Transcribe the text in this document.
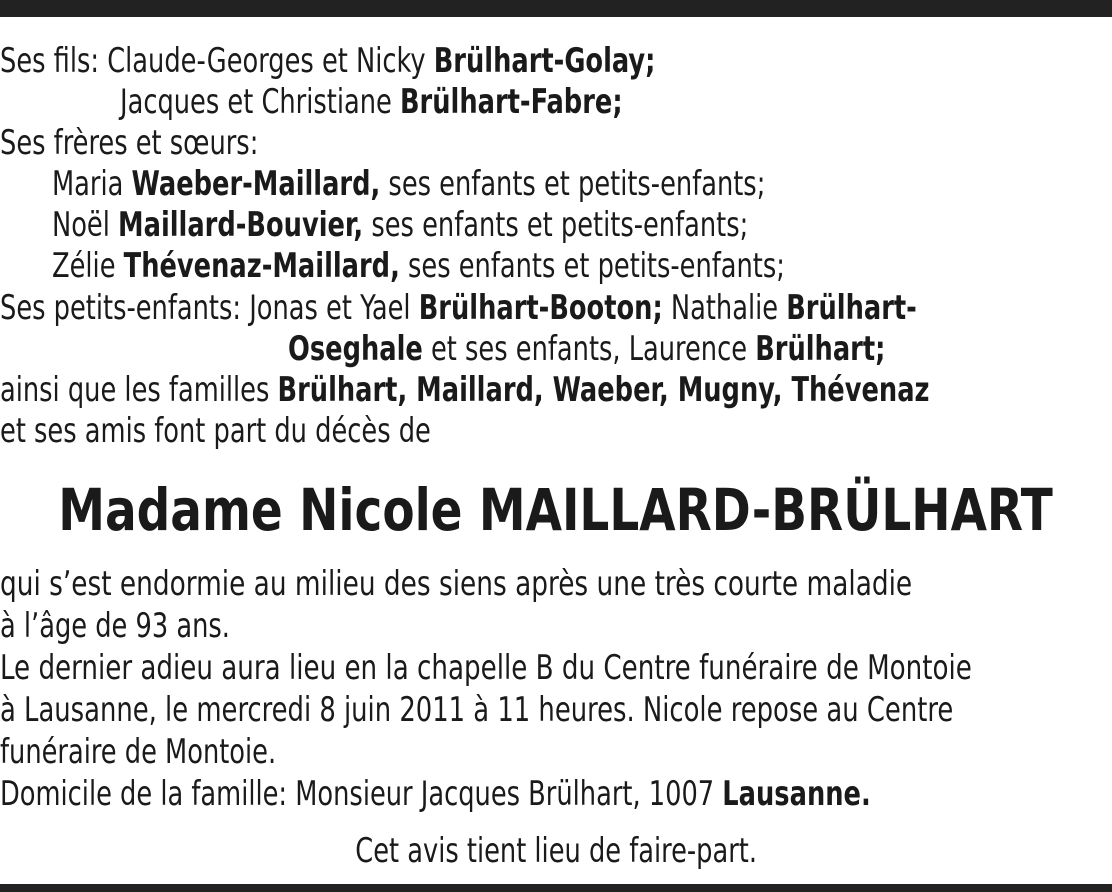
Ses fils: Claude-Georges et Nicky Brülhart-Golay;
Jacques et Christiane Brülhart-Fabre;
Ses frères et sœurs:
Maria Waeber-Maillard, ses enfants et petits-enfants;
Noël Maillard-Bouvier, ses enfants et petits-enfants;
Zélie Thévenaz-Maillard, ses enfants et petits-enfants;
Ses petits-enfants: Jonas et Yael Brülhart-Booton; Nathalie Brülhart-
Oseghale et ses enfants, Laurence Brülhart;
ainsi que les familles Brülhart, Maillard, Waeber, Mugny, Thévenaz
et ses amis font part du décès de
Madame Nicole MAILLARD-BRÜLHART
qui s’est endormie au milieu des siens après une très courte maladie
à l’âge de 93 ans.
Le dernier adieu aura lieu en la chapelle B du Centre funéraire de Montoie
à Lausanne, le mercredi 8 juin 2011 à 11 heures. Nicole repose au Centre
funéraire de Montoie.
Domicile de la famille: Monsieur Jacques Brülhart, 1007 Lausanne.
Cet avis tient lieu de faire-part.
